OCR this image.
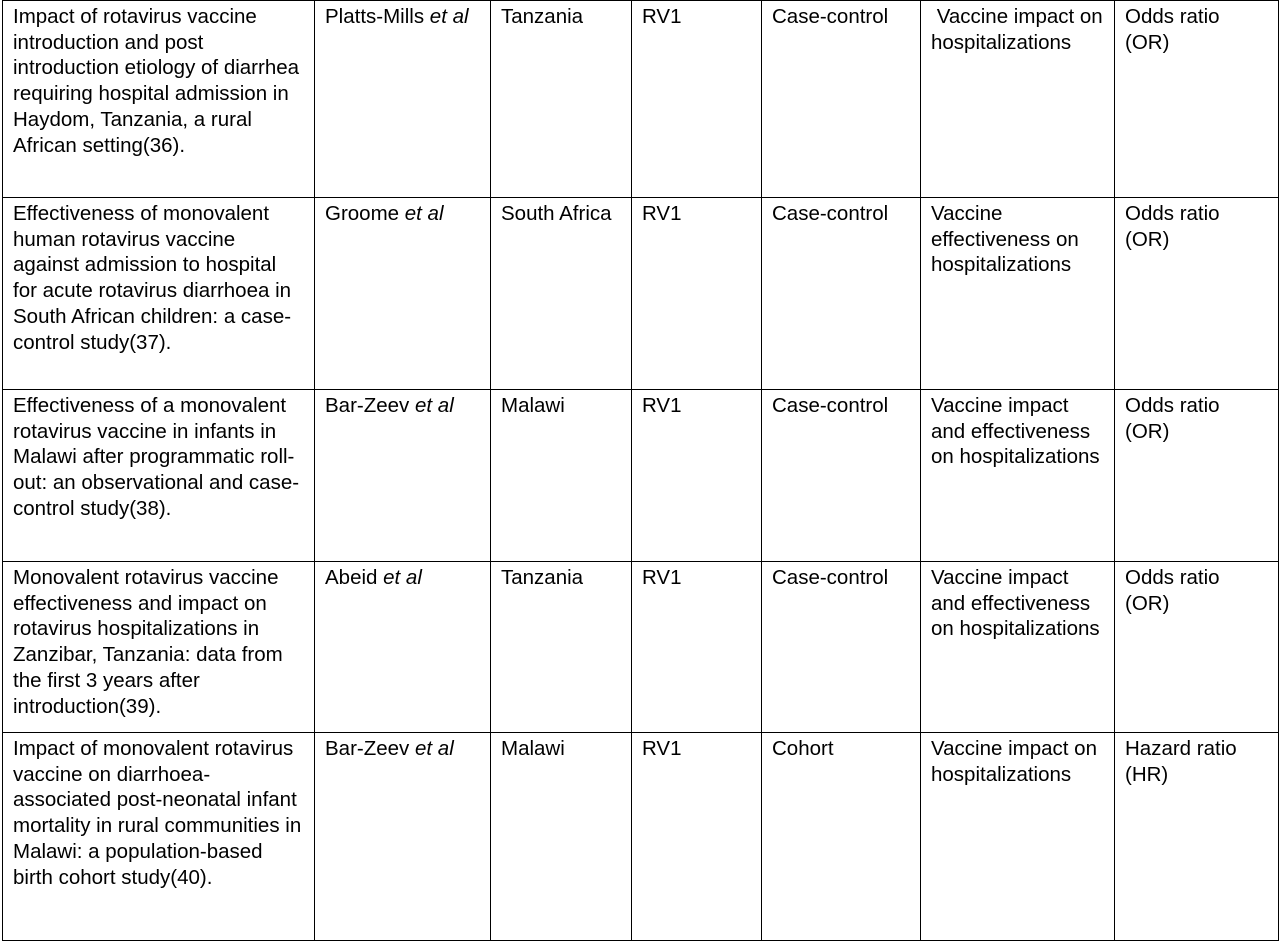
Impact of rotavirus vaccine introduction and post introduction etiology of diarrhea requiring hospital admission in Haydom, Tanzania, a rural African setting(36).	Platts-Mills et al	Tanzania	RV1	Case-control	Vaccine impact on hospitalizations	Odds ratio (OR)
Effectiveness of monovalent human rotavirus vaccine against admission to hospital for acute rotavirus diarrhoea in South African children: a case-control study(37).	Groome et al	South Africa	RV1	Case-control	Vaccine effectiveness on hospitalizations	Odds ratio (OR)
Effectiveness of a monovalent rotavirus vaccine in infants in Malawi after programmatic roll-out: an observational and case-control study(38).	Bar-Zeev et al	Malawi	RV1	Case-control	Vaccine impact and effectiveness on hospitalizations	Odds ratio (OR)
Monovalent rotavirus vaccine effectiveness and impact on rotavirus hospitalizations in Zanzibar, Tanzania: data from the first 3 years after introduction(39).	Abeid et al	Tanzania	RV1	Case-control	Vaccine impact and effectiveness on hospitalizations	Odds ratio (OR)
Impact of monovalent rotavirus vaccine on diarrhoea-associated post-neonatal infant mortality in rural communities in Malawi: a population-based birth cohort study(40).	Bar-Zeev et al	Malawi	RV1	Cohort	Vaccine impact on hospitalizations	Hazard ratio (HR)
